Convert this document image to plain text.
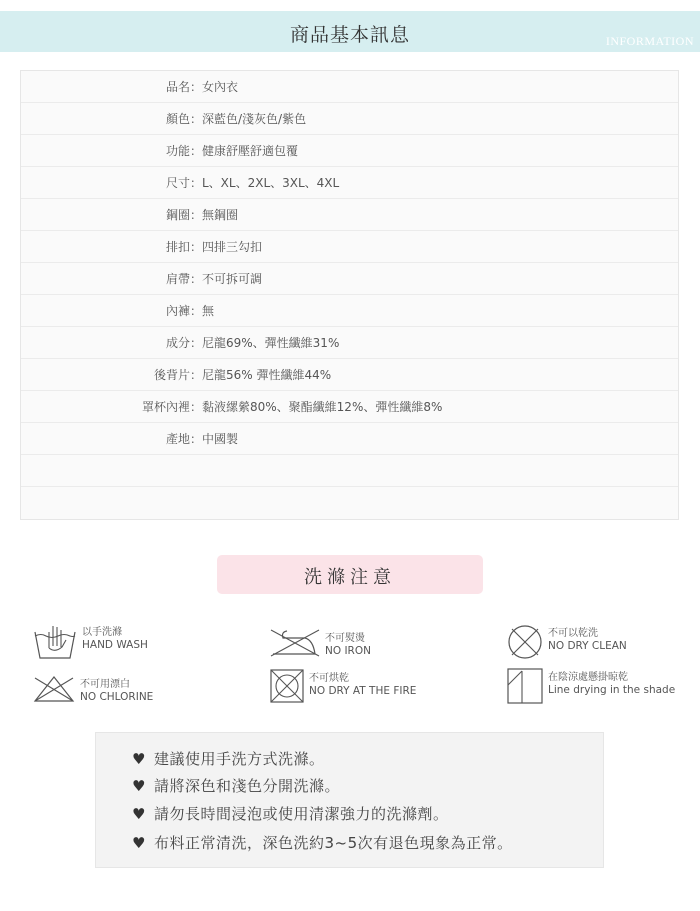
商品基本訊息	INFORMATION
品名 ： 女內衣
顏色 ： 深藍色/淺灰色/紫色
功能 ： 健康舒壓舒適包覆
尺寸 ： L、XL、2XL、3XL、4XL
鋼圈 ： 無鋼圈
排扣 ： 四排三勾扣
肩帶 ： 不可拆可調
內褲 ： 無
成分 ： 尼龍69%、彈性纖維31%
後背片 ： 尼龍56% 彈性纖維44%
罩杯內裡 ： 黏液縲縈80%、聚酯纖維12%、彈性纖維8%
產地 ： 中國製
洗滌注意
以手洗滌
HAND WASH
不可熨燙
NO IRON
不可以乾洗
NO DRY CLEAN
不可用漂白
NO CHLORINE
不可烘乾
NO DRY AT THE FIRE
在陰涼處懸掛晾乾
Line drying in the shade
♥ 建議使用手洗方式洗滌。
♥ 請將深色和淺色分開洗滌。
♥ 請勿長時間浸泡或使用清潔強力的洗滌劑。
♥ 布料正常清洗，深色洗約3~5次有退色現象為正常。
